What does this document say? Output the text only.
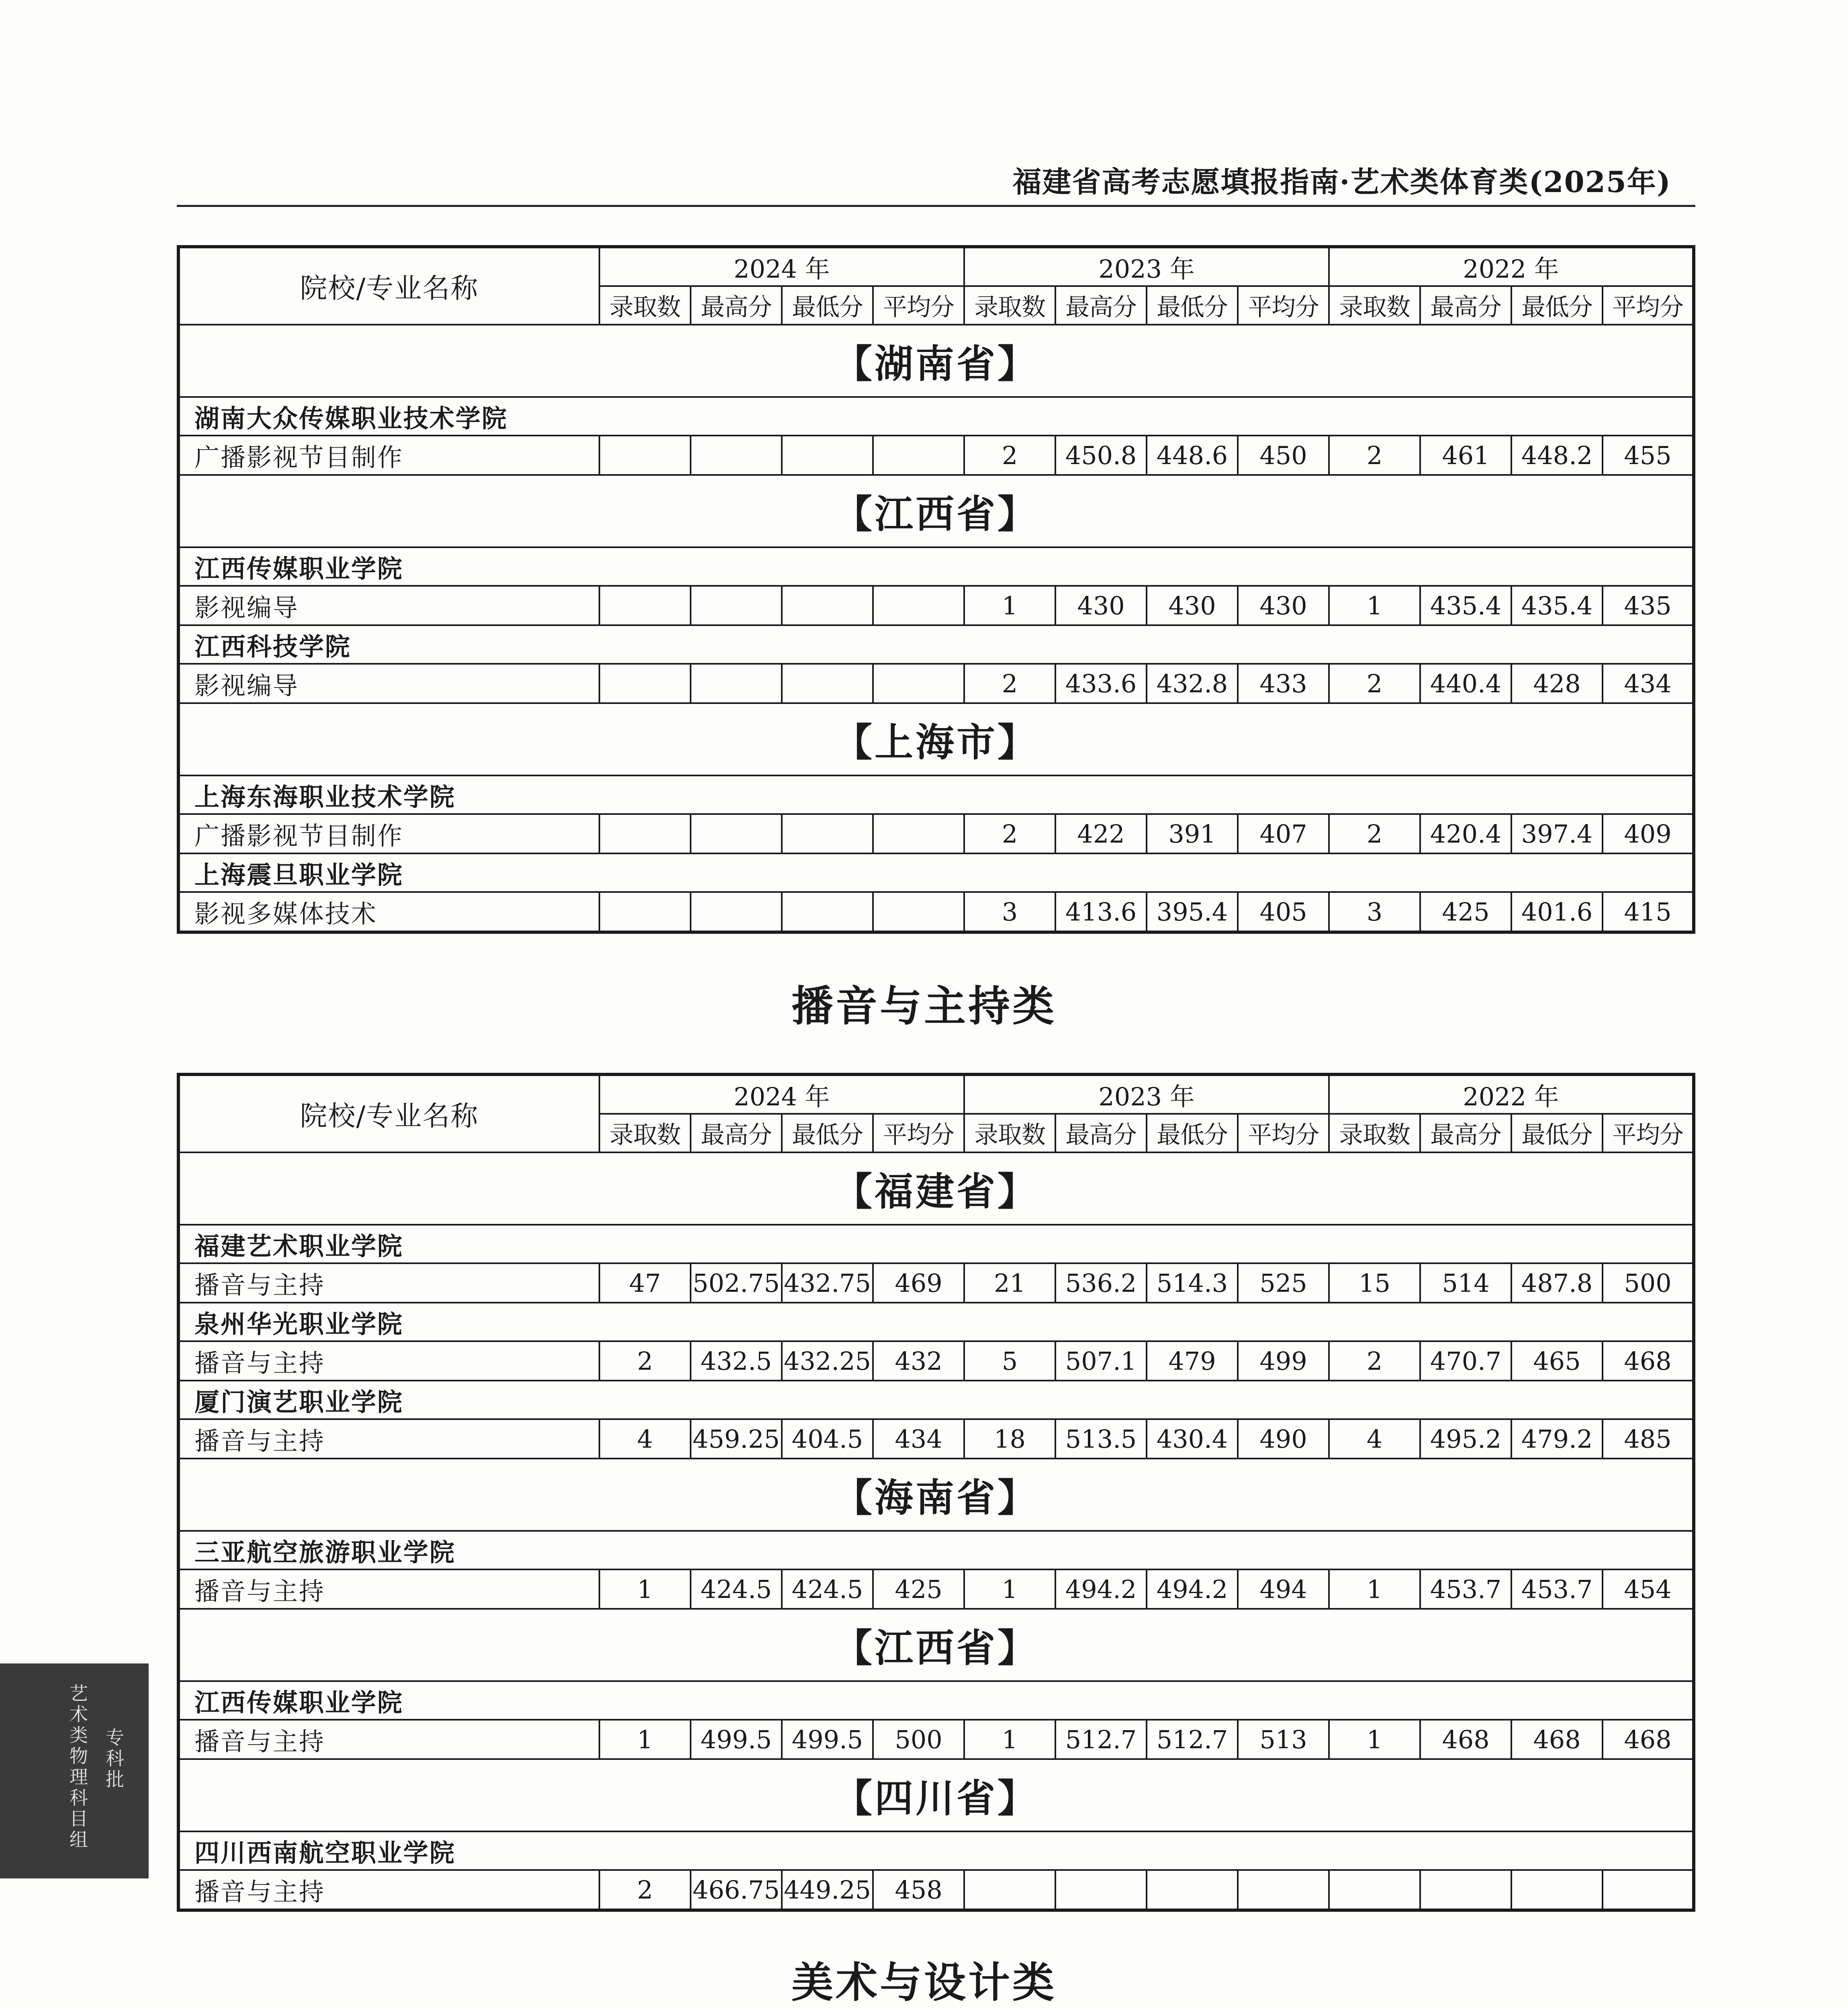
福建省高考志愿填报指南·艺术类体育类(2025年)
播音与主持类
美术与设计类
院校/专业名称	2024 年				2023 年				2022 年			
	录取数	最高分	最低分	平均分	录取数	最高分	最低分	平均分	录取数	最高分	最低分	平均分
【湖南省】												
湖南大众传媒职业技术学院												
广播影视节目制作					2	450.8	448.6	450	2	461	448.2	455
【江西省】												
江西传媒职业学院												
影视编导					1	430	430	430	1	435.4	435.4	435
江西科技学院												
影视编导					2	433.6	432.8	433	2	440.4	428	434
【上海市】												
上海东海职业技术学院												
广播影视节目制作					2	422	391	407	2	420.4	397.4	409
上海震旦职业学院												
影视多媒体技术					3	413.6	395.4	405	3	425	401.6	415
院校/专业名称	2024 年				2023 年				2022 年			
	录取数	最高分	最低分	平均分	录取数	最高分	最低分	平均分	录取数	最高分	最低分	平均分
【福建省】												
福建艺术职业学院												
播音与主持	47	502.75	432.75	469	21	536.2	514.3	525	15	514	487.8	500
泉州华光职业学院												
播音与主持	2	432.5	432.25	432	5	507.1	479	499	2	470.7	465	468
厦门演艺职业学院												
播音与主持	4	459.25	404.5	434	18	513.5	430.4	490	4	495.2	479.2	485
【海南省】												
三亚航空旅游职业学院												
播音与主持	1	424.5	424.5	425	1	494.2	494.2	494	1	453.7	453.7	454
【江西省】												
江西传媒职业学院												
播音与主持	1	499.5	499.5	500	1	512.7	512.7	513	1	468	468	468
【四川省】												
四川西南航空职业学院												
播音与主持	2	466.75	449.25	458								

专科批
艺术类物理科目组
